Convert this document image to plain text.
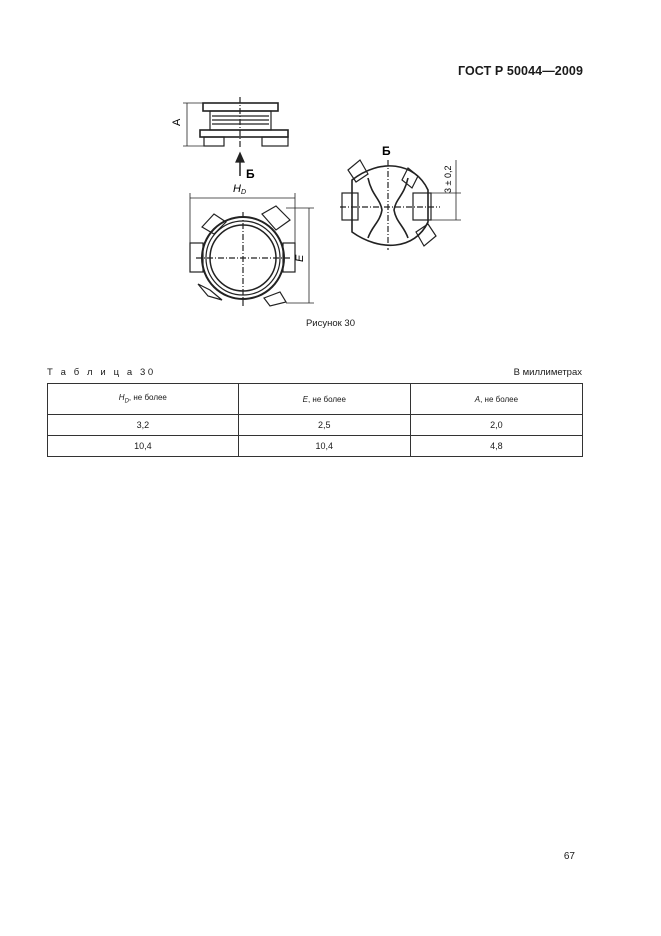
ГОСТ Р 50044—2009
А
Б
HD
E
Б
3 ± 0,2
Рисунок 30
Т а б л и ц а 30	В миллиметрах
$H_D$, не более	E, не более	A, не более
3,2	2,5	2,0
10,4	10,4	4,8
67
